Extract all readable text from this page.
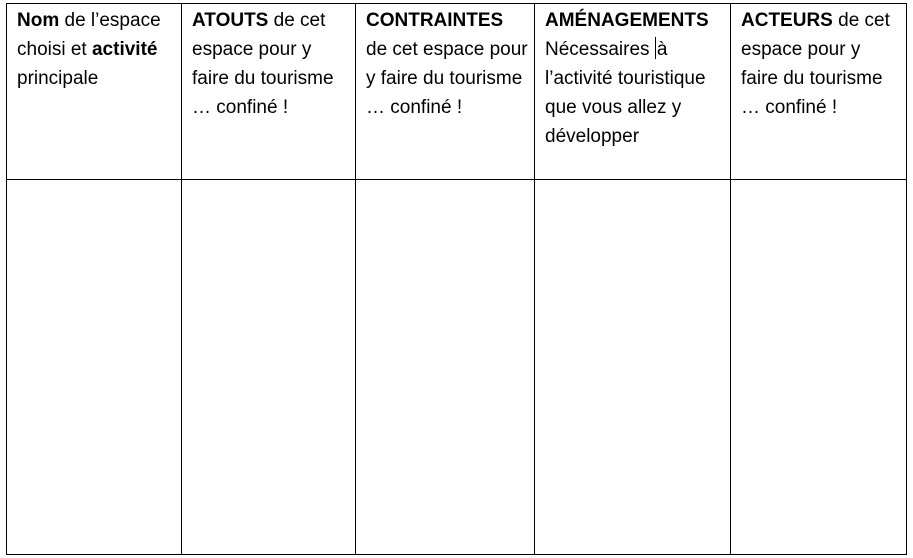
Nom de l’espace choisi et activité principale	ATOUTS de cet espace pour y faire du tourisme … confiné !	CONTRAINTES de cet espace pour y faire du tourisme … confiné !	AMÉNAGEMENTS Nécessaires à l’activité touristique que vous allez y développer	ACTEURS de cet espace pour y faire du tourisme … confiné !
